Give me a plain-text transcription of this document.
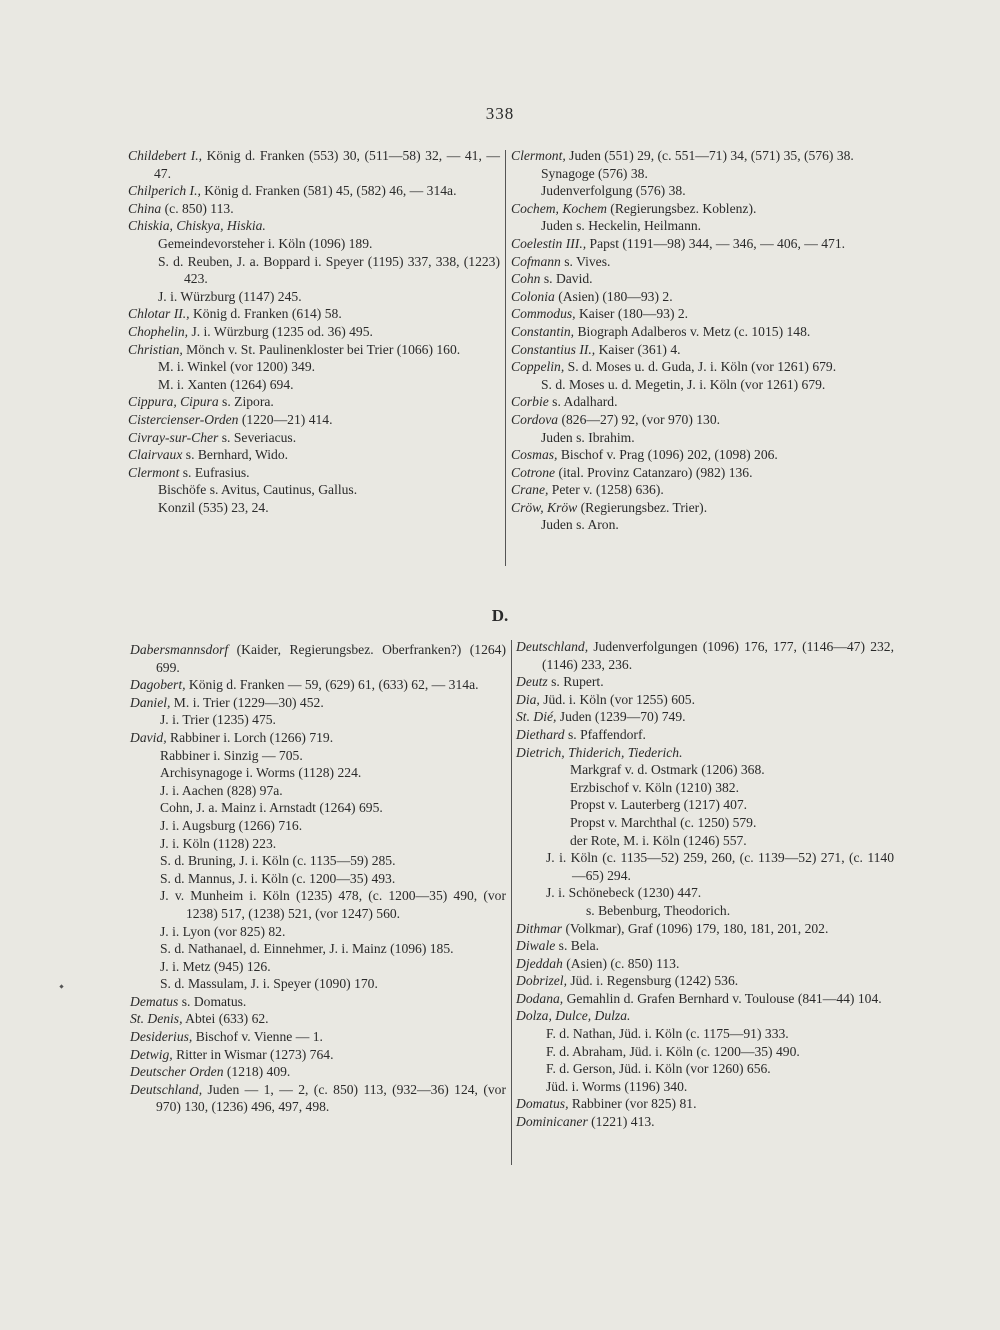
338

Childebert I., König d. Franken (553) 30, (511—58) 32, — 41, — 47.

Chilperich I., König d. Franken (581) 45, (582) 46, — 314a.

China (c. 850) 113.

Chiskia, Chiskya, Hiskia.

Gemeindevorsteher i. Köln (1096) 189.

S. d. Reuben, J. a. Boppard i. Speyer (1195) 337, 338, (1223) 423.

J. i. Würzburg (1147) 245.

Chlotar II., König d. Franken (614) 58.

Chophelin, J. i. Würzburg (1235 od. 36) 495.

Christian, Mönch v. St. Paulinenkloster bei Trier (1066) 160.

M. i. Winkel (vor 1200) 349.

M. i. Xanten (1264) 694.

Cippura, Cipura s. Zipora.

Cistercienser-Orden (1220—21) 414.

Civray-sur-Cher s. Severiacus.

Clairvaux s. Bernhard, Wido.

Clermont s. Eufrasius.

Bischöfe s. Avitus, Cautinus, Gallus.

Konzil (535) 23, 24.

Clermont, Juden (551) 29, (c. 551—71) 34, (571) 35, (576) 38.

Synagoge (576) 38.

Judenverfolgung (576) 38.

Cochem, Kochem (Regierungsbez. Koblenz).

Juden s. Heckelin, Heilmann.

Coelestin III., Papst (1191—98) 344, — 346, — 406, — 471.

Cofmann s. Vives.

Cohn s. David.

Colonia (Asien) (180—93) 2.

Commodus, Kaiser (180—93) 2.

Constantin, Biograph Adalberos v. Metz (c. 1015) 148.

Constantius II., Kaiser (361) 4.

Coppelin, S. d. Moses u. d. Guda, J. i. Köln (vor 1261) 679.

S. d. Moses u. d. Megetin, J. i. Köln (vor 1261) 679.

Corbie s. Adalhard.

Cordova (826—27) 92, (vor 970) 130.

Juden s. Ibrahim.

Cosmas, Bischof v. Prag (1096) 202, (1098) 206.

Cotrone (ital. Provinz Catanzaro) (982) 136.

Crane, Peter v. (1258) 636).

Cröw, Kröw (Regierungsbez. Trier).

Juden s. Aron.

D.

Dabersmannsdorf (Kaider, Regierungsbez. Oberfranken?) (1264) 699.

Dagobert, König d. Franken — 59, (629) 61, (633) 62, — 314a.

Daniel, M. i. Trier (1229—30) 452.

J. i. Trier (1235) 475.

David, Rabbiner i. Lorch (1266) 719.

Rabbiner i. Sinzig — 705.

Archisynagoge i. Worms (1128) 224.

J. i. Aachen (828) 97a.

Cohn, J. a. Mainz i. Arnstadt (1264) 695.

J. i. Augsburg (1266) 716.

J. i. Köln (1128) 223.

S. d. Bruning, J. i. Köln (c. 1135—59) 285.

S. d. Mannus, J. i. Köln (c. 1200—35) 493.

J. v. Munheim i. Köln (1235) 478, (c. 1200—35) 490, (vor 1238) 517, (1238) 521, (vor 1247) 560.

J. i. Lyon (vor 825) 82.

S. d. Nathanael, d. Einnehmer, J. i. Mainz (1096) 185.

J. i. Metz (945) 126.

S. d. Massulam, J. i. Speyer (1090) 170.

Dematus s. Domatus.

St. Denis, Abtei (633) 62.

Desiderius, Bischof v. Vienne — 1.

Detwig, Ritter in Wismar (1273) 764.

Deutscher Orden (1218) 409.

Deutschland, Juden — 1, — 2, (c. 850) 113, (932—36) 124, (vor 970) 130, (1236) 496, 497, 498.

Deutschland, Judenverfolgungen (1096) 176, 177, (1146—47) 232, (1146) 233, 236.

Deutz s. Rupert.

Dia, Jüd. i. Köln (vor 1255) 605.

St. Dié, Juden (1239—70) 749.

Diethard s. Pfaffendorf.

Dietrich, Thiderich, Tiederich.

Markgraf v. d. Ostmark (1206) 368.

Erzbischof v. Köln (1210) 382.

Propst v. Lauterberg (1217) 407.

Propst v. Marchthal (c. 1250) 579.

der Rote, M. i. Köln (1246) 557.

J. i. Köln (c. 1135—52) 259, 260, (c. 1139—52) 271, (c. 1140—65) 294.

J. i. Schönebeck (1230) 447.

s. Bebenburg, Theodorich.

Dithmar (Volkmar), Graf (1096) 179, 180, 181, 201, 202.

Diwale s. Bela.

Djeddah (Asien) (c. 850) 113.

Dobrizel, Jüd. i. Regensburg (1242) 536.

Dodana, Gemahlin d. Grafen Bernhard v. Toulouse (841—44) 104.

Dolza, Dulce, Dulza.

F. d. Nathan, Jüd. i. Köln (c. 1175—91) 333.

F. d. Abraham, Jüd. i. Köln (c. 1200—35) 490.

F. d. Gerson, Jüd. i. Köln (vor 1260) 656.

Jüd. i. Worms (1196) 340.

Domatus, Rabbiner (vor 825) 81.

Dominicaner (1221) 413.
